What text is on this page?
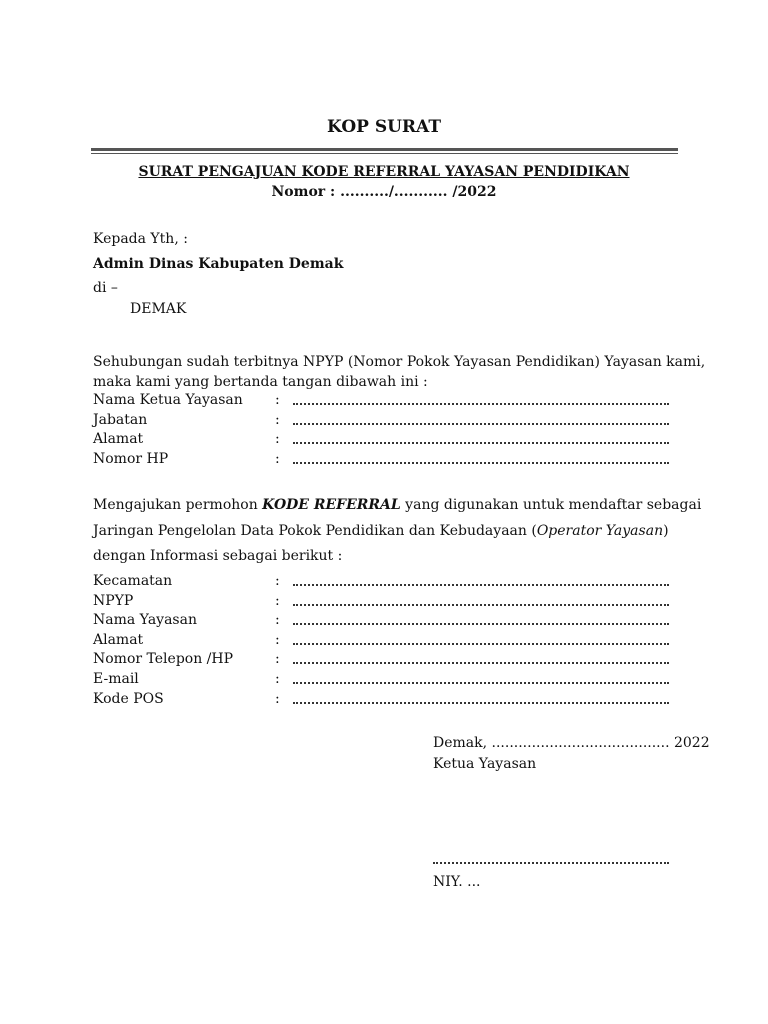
KOP SURAT
SURAT PENGAJUAN KODE REFERRAL YAYASAN PENDIDIKAN
Nomor : ........../........... /2022
Kepada Yth, :
Admin Dinas Kabupaten Demak
di –
DEMAK
Sehubungan sudah terbitnya NPYP (Nomor Pokok Yayasan Pendidikan) Yayasan kami,
maka kami yang bertanda tangan dibawah ini :
Nama Ketua Yayasan :
Jabatan	:
Alamat	:
Nomor HP	:
Mengajukan permohon KODE REFERRAL yang digunakan untuk mendaftar sebagai
Jaringan Pengelolan Data Pokok Pendidikan dan Kebudayaan (Operator Yayasan)
dengan Informasi sebagai berikut :
Kecamatan	:
NPYP	:
Nama Yayasan	:
Alamat	:
Nomor Telepon /HP	:
E-mail	:
Kode POS	:
Demak, ........................................ 2022
Ketua Yayasan
NIY. ...
